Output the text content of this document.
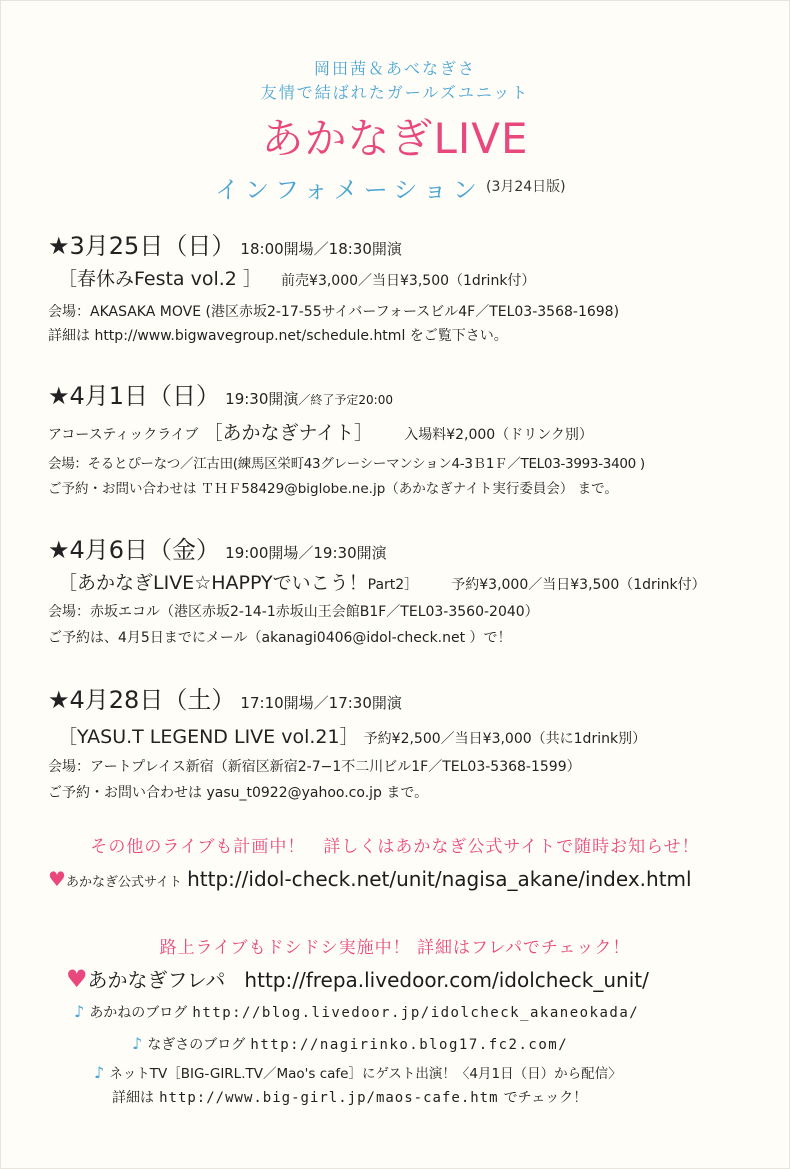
岡田茜＆あべなぎさ
友情で結ばれたガールズユニット
あかなぎLIVE
インフォメーション (3月24日版)
★3月25日（日） 18:00開場／18:30開演
［春休みFesta vol.2 ］ 前売¥3,000／当日¥3,500（1drink付）
会場：AKASAKA MOVE (港区赤坂2-17-55サイバーフォースビル4F／TEL03-3568-1698)
詳細は http://www.bigwavegroup.net/schedule.html をご覧下さい。
★4月1日（日） 19:30開演／終了予定20:00
アコースティックライブ ［あかなぎナイト］ 入場料¥2,000（ドリンク別）
会場：そるとぴーなつ／江古田(練馬区栄町43グレーシーマンション4-3Ｂ1Ｆ／TEL03-3993-3400 )
ご予約・お問い合わせは ＴＨＦ58429@biglobe.ne.jp（あかなぎナイト実行委員会） まで。
★4月6日（金） 19:00開場／19:30開演
［あかなぎLIVE☆HAPPYでいこう！Part2］ 予約¥3,000／当日¥3,500（1drink付）
会場：赤坂エコル（港区赤坂2-14-1赤坂山王会館B1F／TEL03-3560-2040）
ご予約は、4月5日までにメール（akanagi0406@idol-check.net ）で！
★4月28日（土） 17:10開場／17:30開演
［YASU.T LEGEND LIVE vol.21］ 予約¥2,500／当日¥3,000（共に1drink別）
会場：アートプレイス新宿（新宿区新宿2-7−1不二川ビル1F／TEL03-5368-1599）
ご予約・お問い合わせは yasu_t0922@yahoo.co.jp まで。
その他のライブも計画中！　詳しくはあかなぎ公式サイトで随時お知らせ！
♥あかなぎ公式サイト http://idol-check.net/unit/nagisa_akane/index.html
路上ライブもドシドシ実施中！ 詳細はフレパでチェック！
♥あかなぎフレパ http://frepa.livedoor.com/idolcheck_unit/
♪ あかねのブログ http://blog.livedoor.jp/idolcheck_akaneokada/
♪ なぎさのブログ http://nagirinko.blog17.fc2.com/
♪ ネットTV［BIG-GIRL.TV／Mao's cafe］にゲスト出演！〈4月1日（日）から配信〉
詳細は http://www.big-girl.jp/maos-cafe.htm でチェック！
